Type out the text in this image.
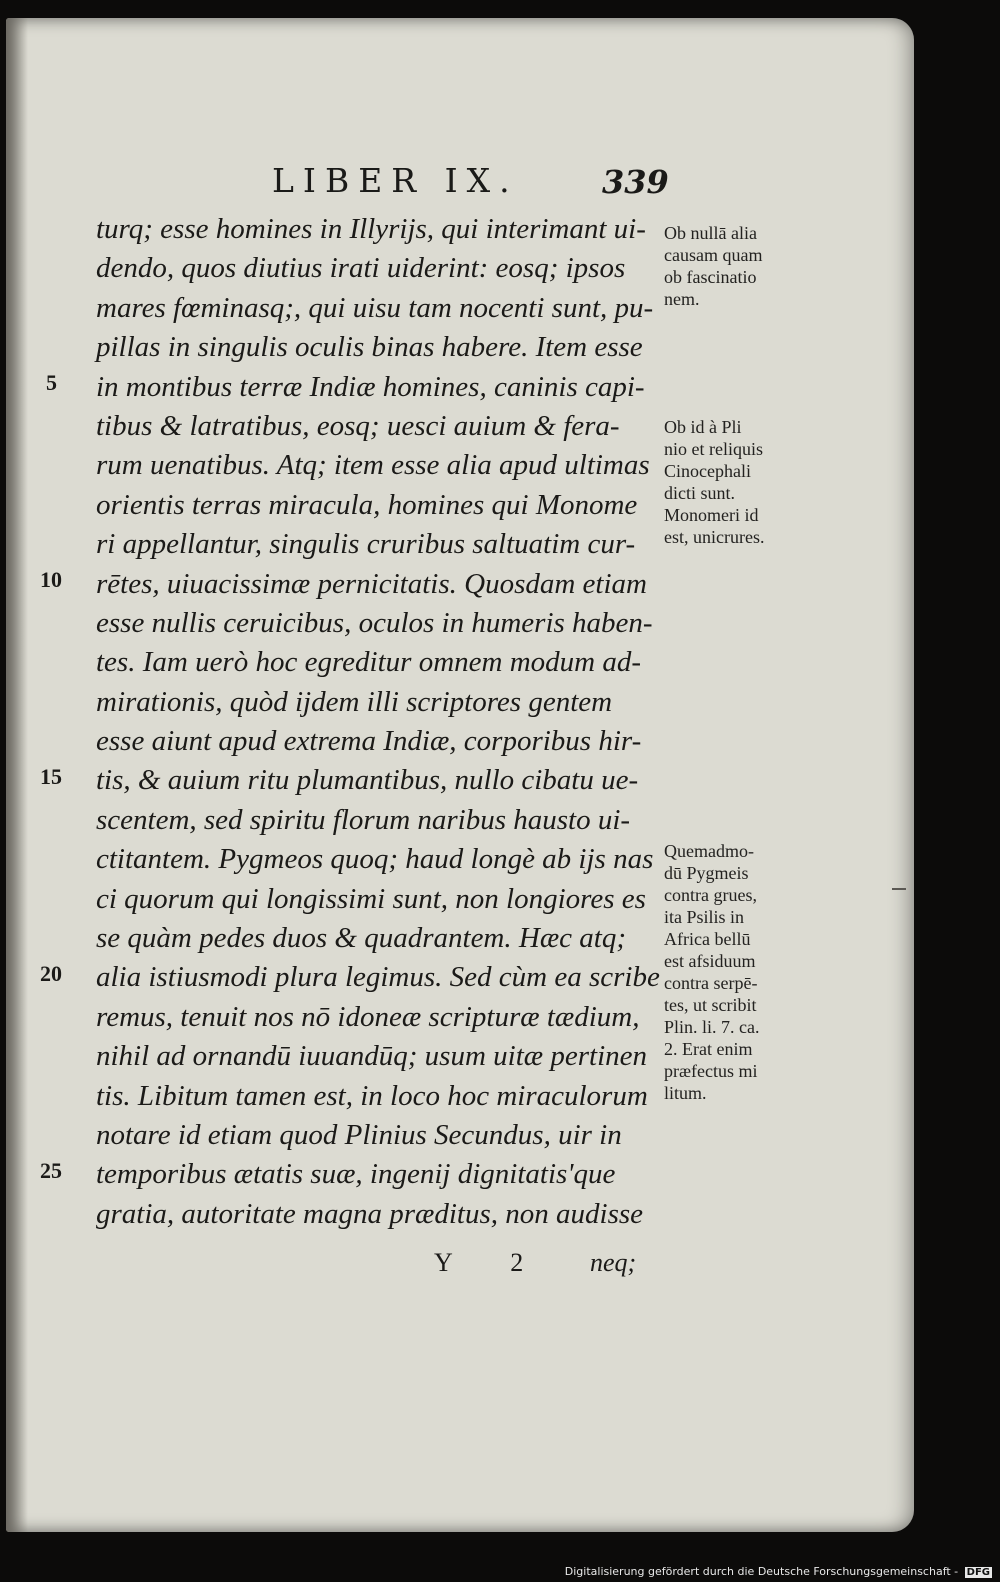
LIBER IX.	339
turq; esse homines in Illyrijs, qui interimant ui-
dendo, quos diutius irati uiderint: eosq; ipsos
mares fœminasq;, qui uisu tam nocenti sunt, pu-
pillas in singulis oculis binas habere. Item esse
in montibus terræ Indiæ homines, caninis capi-
tibus & latratibus, eosq; uesci auium & fera-
rum uenatibus. Atq; item esse alia apud ultimas
orientis terras miracula, homines qui Monome
ri appellantur, singulis cruribus saltuatim cur-
rētes, uiuacissimæ pernicitatis. Quosdam etiam
esse nullis ceruicibus, oculos in humeris haben-
tes. Iam uerò hoc egreditur omnem modum ad-
mirationis, quòd ijdem illi scriptores gentem
esse aiunt apud extrema Indiæ, corporibus hir-
tis, & auium ritu plumantibus, nullo cibatu ue-
scentem, sed spiritu florum naribus hausto ui-
ctitantem. Pygmeos quoq; haud longè ab ijs nas
ci quorum qui longissimi sunt, non longiores es
se quàm pedes duos & quadrantem. Hæc atq;
alia istiusmodi plura legimus. Sed cùm ea scribe
remus, tenuit nos nō idoneæ scripturæ tædium,
nihil ad ornandū iuuandūq; usum uitæ pertinen
tis. Libitum tamen est, in loco hoc miraculorum
notare id etiam quod Plinius Secundus, uir in
temporibus ætatis suæ, ingenij dignitatis'que
gratia, autoritate magna præditus, non audisse
5
10
15
20
25
Ob nullā alia
causam quam
ob fascinatio
nem.
Ob id à Pli
nio et reliquis
Cinocephali
dicti sunt.
Monomeri id
est, unicrures.
Quemadmo-
dū Pygmeis
contra grues,
ita Psilis in
Africa bellū
est afsiduum
contra serpē-
tes, ut scribit
Plin. li. 7. ca.
2. Erat enim
præfectus mi
litum.
Y 2 neq;
Digitalisierung gefördert durch die Deutsche Forschungsgemeinschaft - DFG
